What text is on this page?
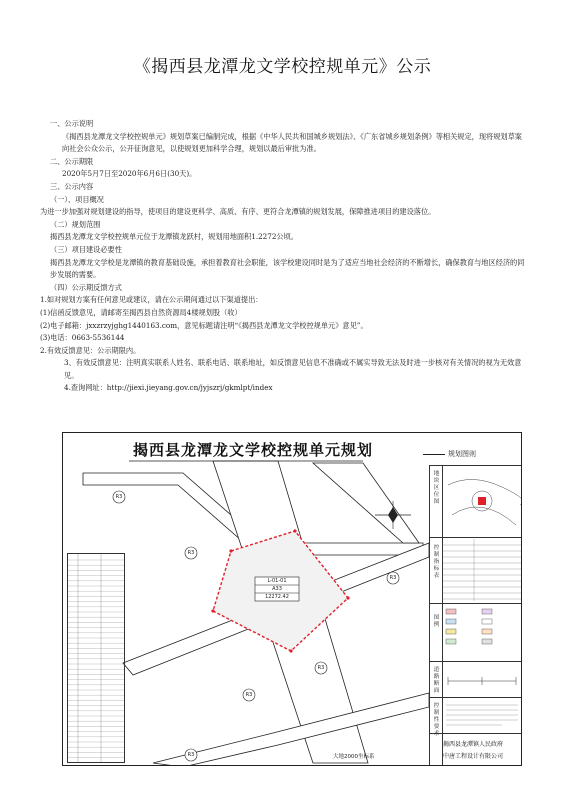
《揭西县龙潭龙文学校控规单元》公示
一、公示说明
《揭西县龙潭龙文学校控规单元》规划草案已编制完成，根据《中华人民共和国城乡规划法》、《广东省城乡规划条例》等相关规定，现将规划草案向社会公众公示，公开征询意见，以使规划更加科学合理，规划以最后审批为准。
二、公示期限
2020年5月7日至2020年6月6日(30天)。
三、公示内容
（一）、项目概况
为进一步加强对规划建设的指导，使项目的建设更科学、高质、有序、更符合龙潭镇的规划发展，保障推进项目的建设落位。
（二）规划范围
揭西县龙潭龙文学校控规单元位于龙潭镇龙跃村，规划用地面积1.2272公顷。
（三）项目建设必要性
揭西县龙潭龙文学校是龙潭镇的教育基础设施，承担着教育社会职能，该学校建设同时是为了适应当地社会经济的不断增长，确保教育与地区经济的同步发展的需要。
（四）公示期反馈方式
1.如对规划方案有任何意见或建议，请在公示期间通过以下渠道提出：
(1)信函反馈意见，请邮寄至揭西县自然资源局4楼规划股（收）
(2)电子邮箱：jxxzrzyjghg1440163.com，意见标题请注明“《揭西县龙潭龙文学校控规单元》意见”。
(3)电话：0663-5536144
2.有效反馈意见：公示期限内。
3、有效反馈意见：注明真实联系人姓名、联系电话、联系地址，如反馈意见信息不准确或不属实导致无法及时进一步核对有关情况的视为无效意见。
4.查询网址：http://jiexi.jieyang.gov.cn/jyjszrj/gkmlpt/index
揭西县龙潭龙文学校控规单元规划	规划图则
L-01-01
A33
12272.42
R3
R3
R3
R3
R3
R3
地块区位图
控制指标表
图例
道路断面
控制性要求
大地2000坐标系
揭西县龙潭镇人民政府
中唐工程设计有限公司
